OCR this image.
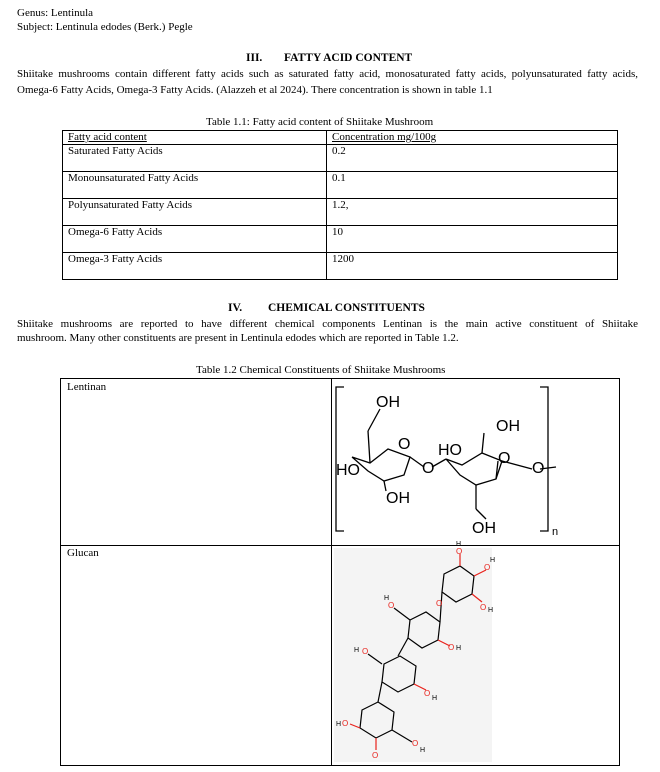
Genus: Lentinula
Subject: Lentinula edodes (Berk.) Pegle
III. FATTY ACID CONTENT
Shiitake mushrooms contain different fatty acids such as saturated fatty acid, monosaturated fatty acids, polyunsaturated fatty acids,
Omega-6 Fatty Acids, Omega-3 Fatty Acids. (Alazzeh et al 2024). There concentration is shown in table 1.1
Table 1.1: Fatty acid content of Shiitake Mushroom
Fatty acid content	Concentration mg/100g
Saturated Fatty Acids	0.2
Monounsaturated Fatty Acids	0.1
Polyunsaturated Fatty Acids	1.2,
Omega-6 Fatty Acids	10
Omega-3 Fatty Acids	1200
IV. CHEMICAL CONSTITUENTS
Shiitake mushrooms are reported to have different chemical components Lentinan is the main active constituent of Shiitake
mushroom. Many other constituents are present in Lentinula edodes which are reported in Table 1.2.
Table 1.2 Chemical Constituents of Shiitake Mushrooms
Lentinan
Glucan
OH
O
HO
OH
O
HO
OH
O
O
OH	n
O
O
O
O
O
O
O
O
O
O
O
H
H
H
H
H
H
H
H
H
